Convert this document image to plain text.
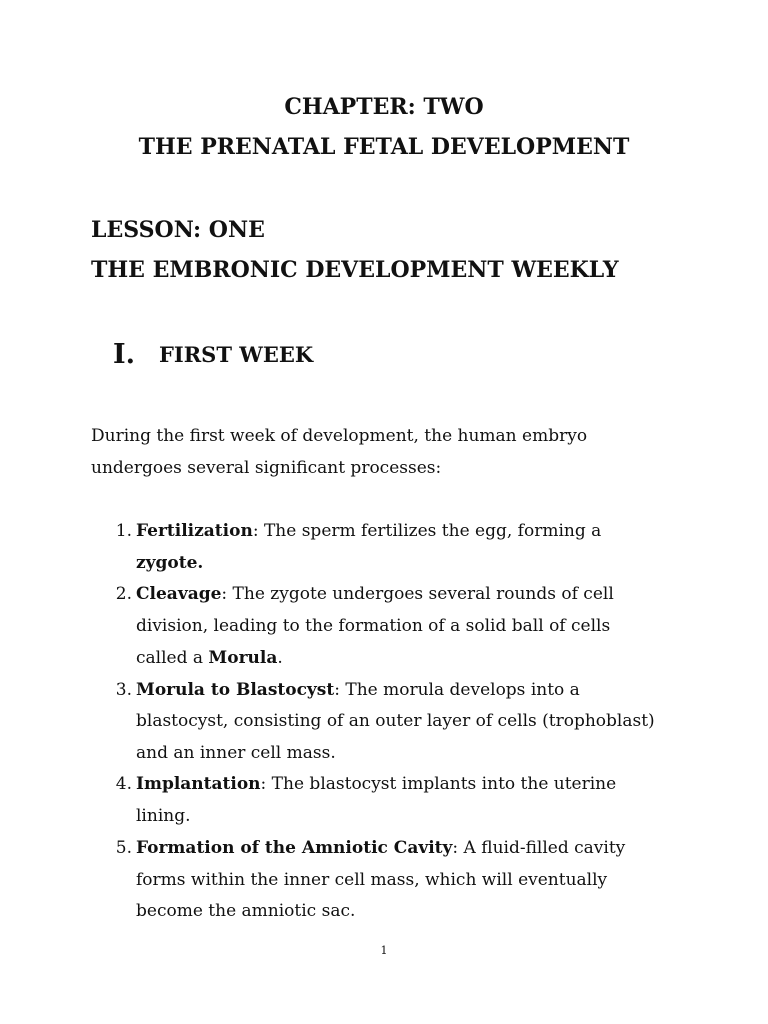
CHAPTER: TWO
THE PRENATAL FETAL DEVELOPMENT
LESSON: ONE
THE EMBRONIC DEVELOPMENT WEEKLY
I. FIRST WEEK
During the first week of development, the human embryo
undergoes several significant processes:
1. Fertilization: The sperm fertilizes the egg, forming a
zygote.
2. Cleavage: The zygote undergoes several rounds of cell
division, leading to the formation of a solid ball of cells
called a Morula.
3. Morula to Blastocyst: The morula develops into a
blastocyst, consisting of an outer layer of cells (trophoblast)
and an inner cell mass.
4. Implantation: The blastocyst implants into the uterine
lining.
5. Formation of the Amniotic Cavity: A fluid-filled cavity
forms within the inner cell mass, which will eventually
become the amniotic sac.
1
